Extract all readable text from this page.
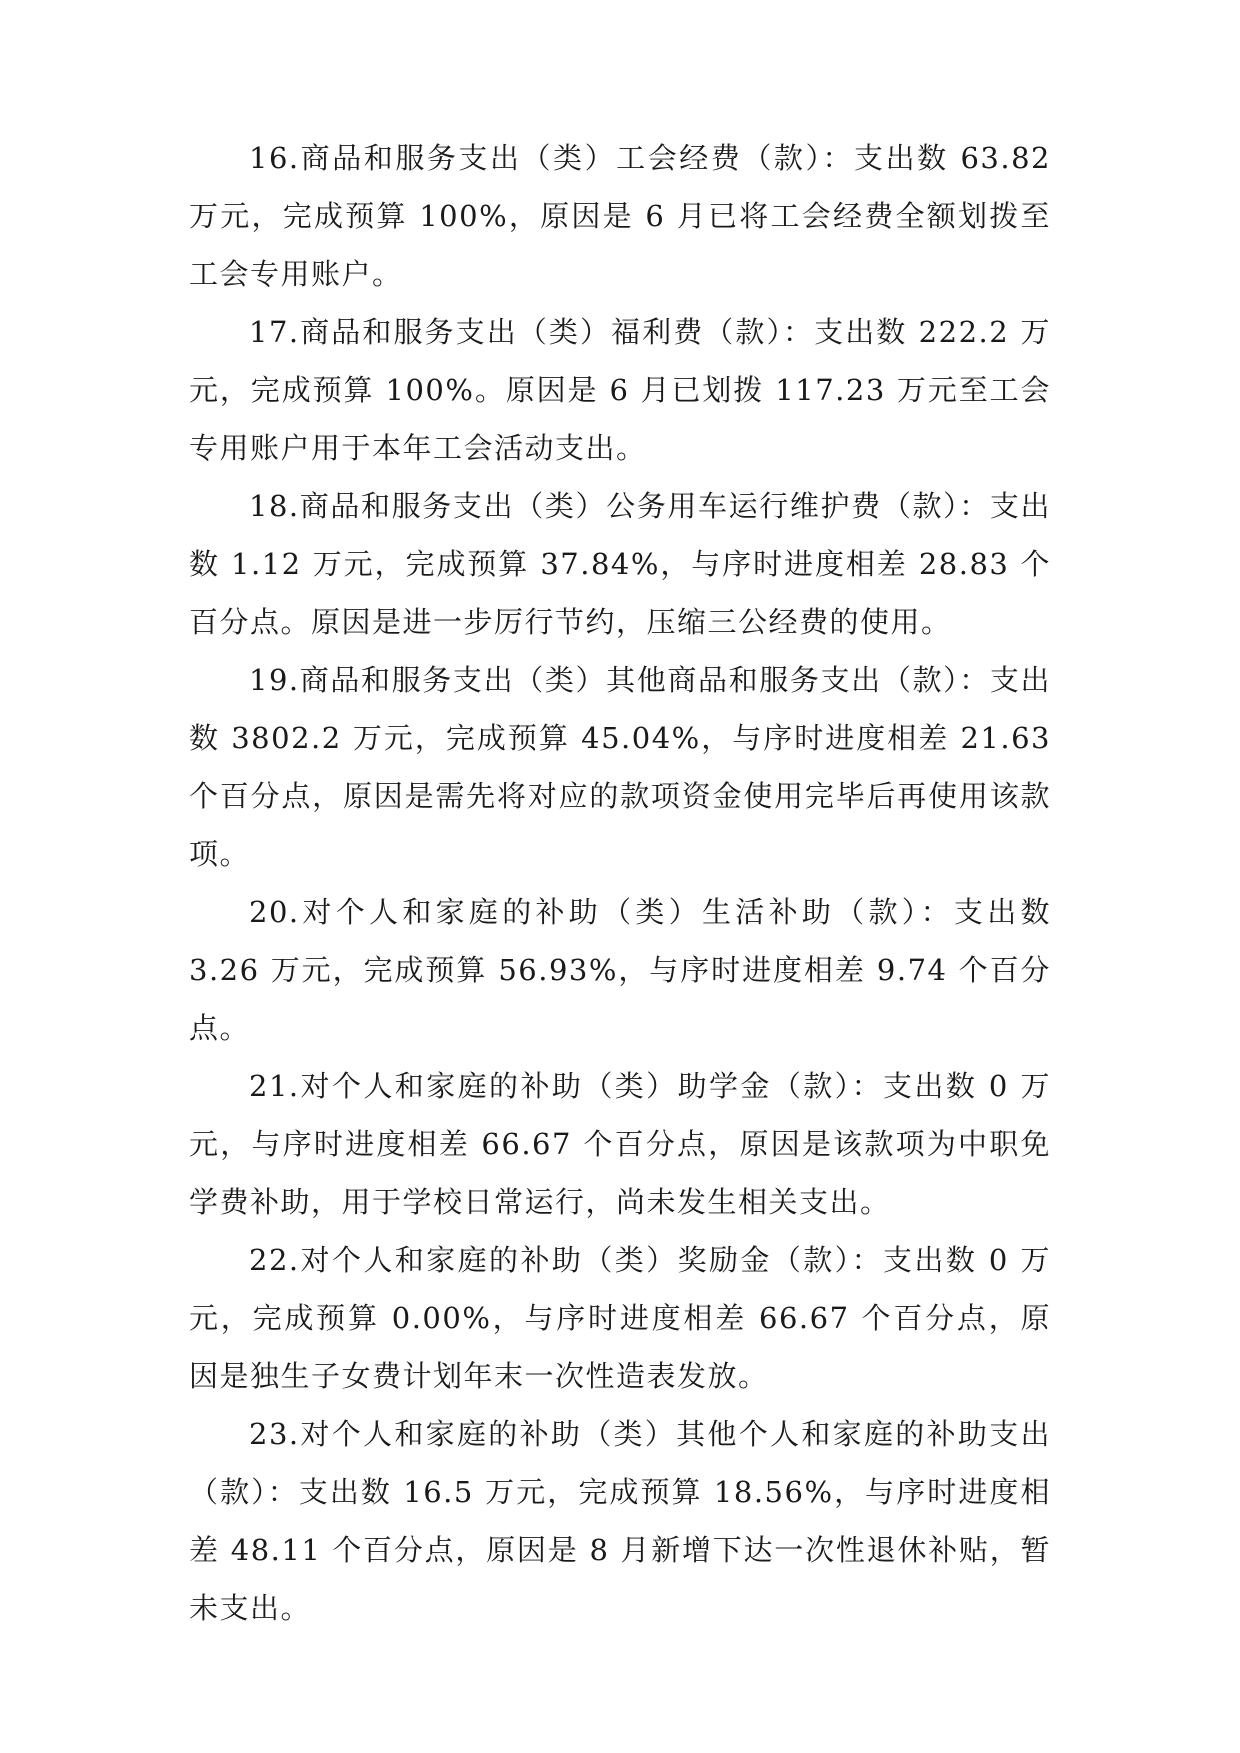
16.商品和服务支出（类）工会经费（款）：支出数 63.82 万元，完成预算 100%，原因是 6 月已将工会经费全额划拨至工会专用账户。

17.商品和服务支出（类）福利费（款）：支出数 222.2 万元，完成预算 100%。原因是 6 月已划拨 117.23 万元至工会专用账户用于本年工会活动支出。

18.商品和服务支出（类）公务用车运行维护费（款）：支出数 1.12 万元，完成预算 37.84%，与序时进度相差 28.83 个百分点。原因是进一步厉行节约，压缩三公经费的使用。

19.商品和服务支出（类）其他商品和服务支出（款）：支出数 3802.2 万元，完成预算 45.04%，与序时进度相差 21.63 个百分点，原因是需先将对应的款项资金使用完毕后再使用该款项。

20.对个人和家庭的补助（类）生活补助（款）：支出数 3.26 万元，完成预算 56.93%，与序时进度相差 9.74 个百分点。

21.对个人和家庭的补助（类）助学金（款）：支出数 0 万元，与序时进度相差 66.67 个百分点，原因是该款项为中职免学费补助，用于学校日常运行，尚未发生相关支出。

22.对个人和家庭的补助（类）奖励金（款）：支出数 0 万元，完成预算 0.00%，与序时进度相差 66.67 个百分点，原因是独生子女费计划年末一次性造表发放。

23.对个人和家庭的补助（类）其他个人和家庭的补助支出（款）：支出数 16.5 万元，完成预算 18.56%，与序时进度相差 48.11 个百分点，原因是 8 月新增下达一次性退休补贴，暂未支出。
